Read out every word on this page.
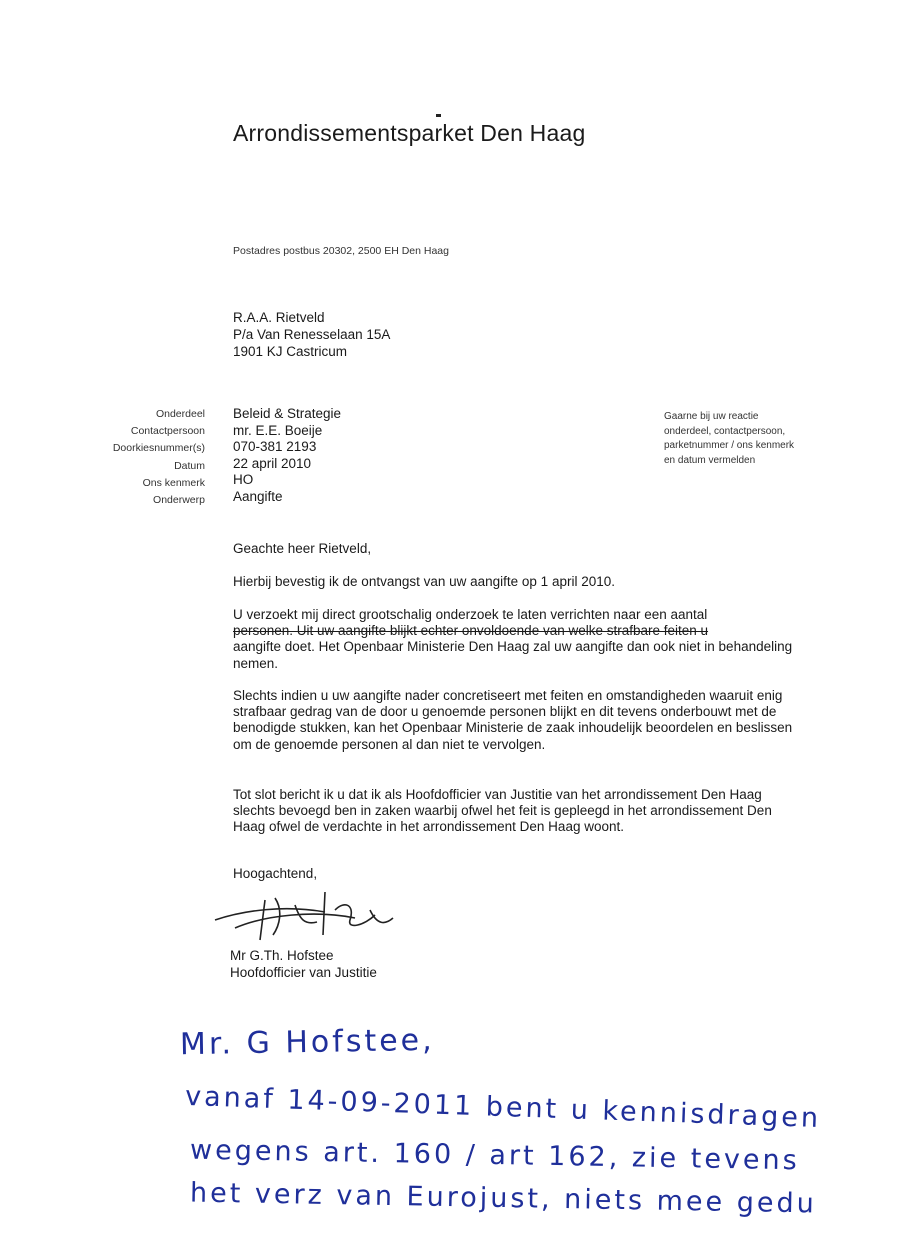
Arrondissementsparket Den Haag
Postadres postbus 20302, 2500 EH Den Haag
R.A.A. Rietveld
P/a Van Renesselaan 15A
1901 KJ Castricum
Onderdeel
Contactpersoon
Doorkiesnummer(s)
Datum
Ons kenmerk
Onderwerp
Beleid & Strategie
mr. E.E. Boeije
070-381 2193
22 april 2010
HO
Aangifte
Gaarne bij uw reactie
onderdeel, contactpersoon,
parketnummer / ons kenmerk
en datum vermelden
Geachte heer Rietveld,
Hierbij bevestig ik de ontvangst van uw aangifte op 1 april 2010.
U verzoekt mij direct grootschalig onderzoek te laten verrichten naar een aantal
personen. Uit uw aangifte blijkt echter onvoldoende van welke strafbare feiten u
aangifte doet. Het Openbaar Ministerie Den Haag zal uw aangifte dan ook niet in behandeling nemen.
Slechts indien u uw aangifte nader concretiseert met feiten en omstandigheden waaruit enig strafbaar gedrag van de door u genoemde personen blijkt en dit tevens onderbouwt met de benodigde stukken, kan het Openbaar Ministerie de zaak inhoudelijk beoordelen en beslissen om de genoemde personen al dan niet te vervolgen.
Tot slot bericht ik u dat ik als Hoofdofficier van Justitie van het arrondissement Den Haag slechts bevoegd ben in zaken waarbij ofwel het feit is gepleegd in het arrondissement Den Haag ofwel de verdachte in het arrondissement Den Haag woont.
Hoogachtend,
Mr G.Th. Hofstee
Hoofdofficier van Justitie
Mr. G Hofstee,
vanaf 14-09-2011 bent u kennisdragen
wegens art. 160 / art 162, zie tevens
het verz van Eurojust, niets mee gedu
